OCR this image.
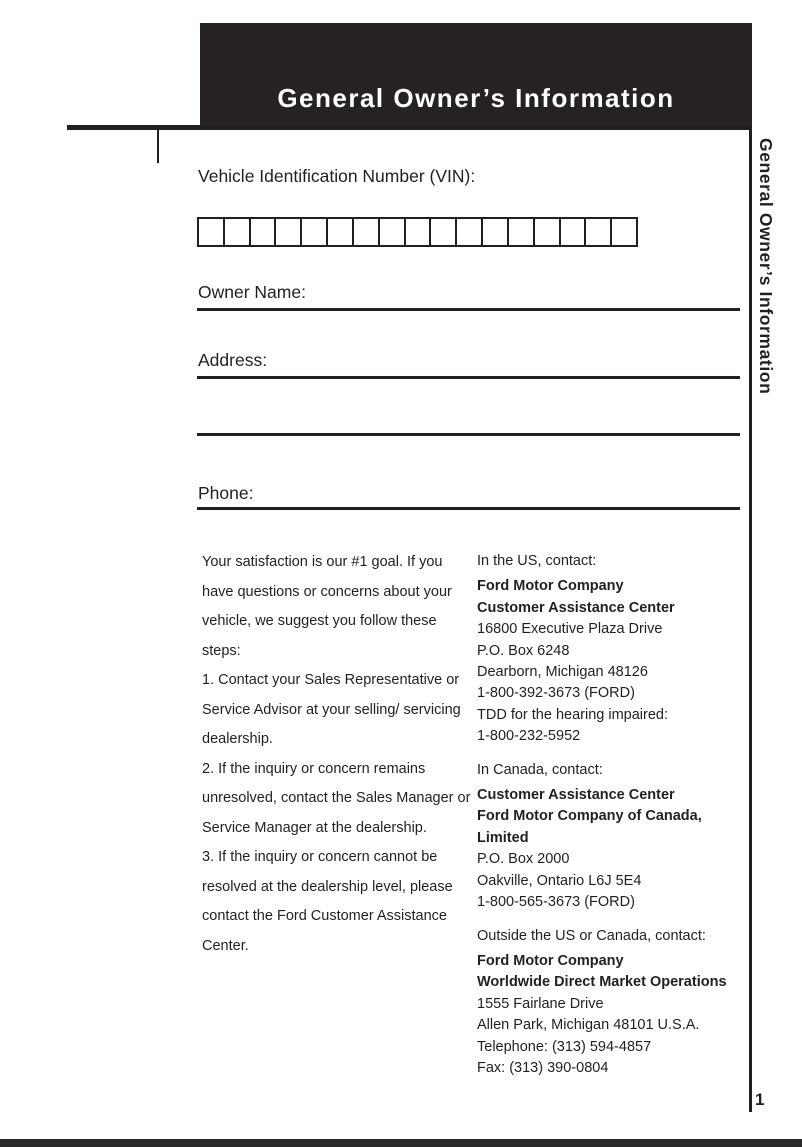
General Owner’s Information
General Owner’s Information
1
Vehicle Identification Number (VIN):
Owner Name:
Address:
Phone:
Your satisfaction is our #1 goal. If you
have questions or concerns about your
vehicle, we suggest you follow these
steps:
1. Contact your Sales Representative or
Service Advisor at your selling/ servicing
dealership.
2. If the inquiry or concern remains
unresolved, contact the Sales Manager or
Service Manager at the dealership.
3. If the inquiry or concern cannot be
resolved at the dealership level, please
contact the Ford Customer Assistance
Center.
In the US, contact:
Ford Motor Company
Customer Assistance Center
16800 Executive Plaza Drive
P.O. Box 6248
Dearborn, Michigan 48126
1-800-392-3673 (FORD)
TDD for the hearing impaired:
1-800-232-5952
In Canada, contact:
Customer Assistance Center
Ford Motor Company of Canada,
Limited
P.O. Box 2000
Oakville, Ontario L6J 5E4
1-800-565-3673 (FORD)
Outside the US or Canada, contact:
Ford Motor Company
Worldwide Direct Market Operations
1555 Fairlane Drive
Allen Park, Michigan 48101 U.S.A.
Telephone: (313) 594-4857
Fax: (313) 390-0804
